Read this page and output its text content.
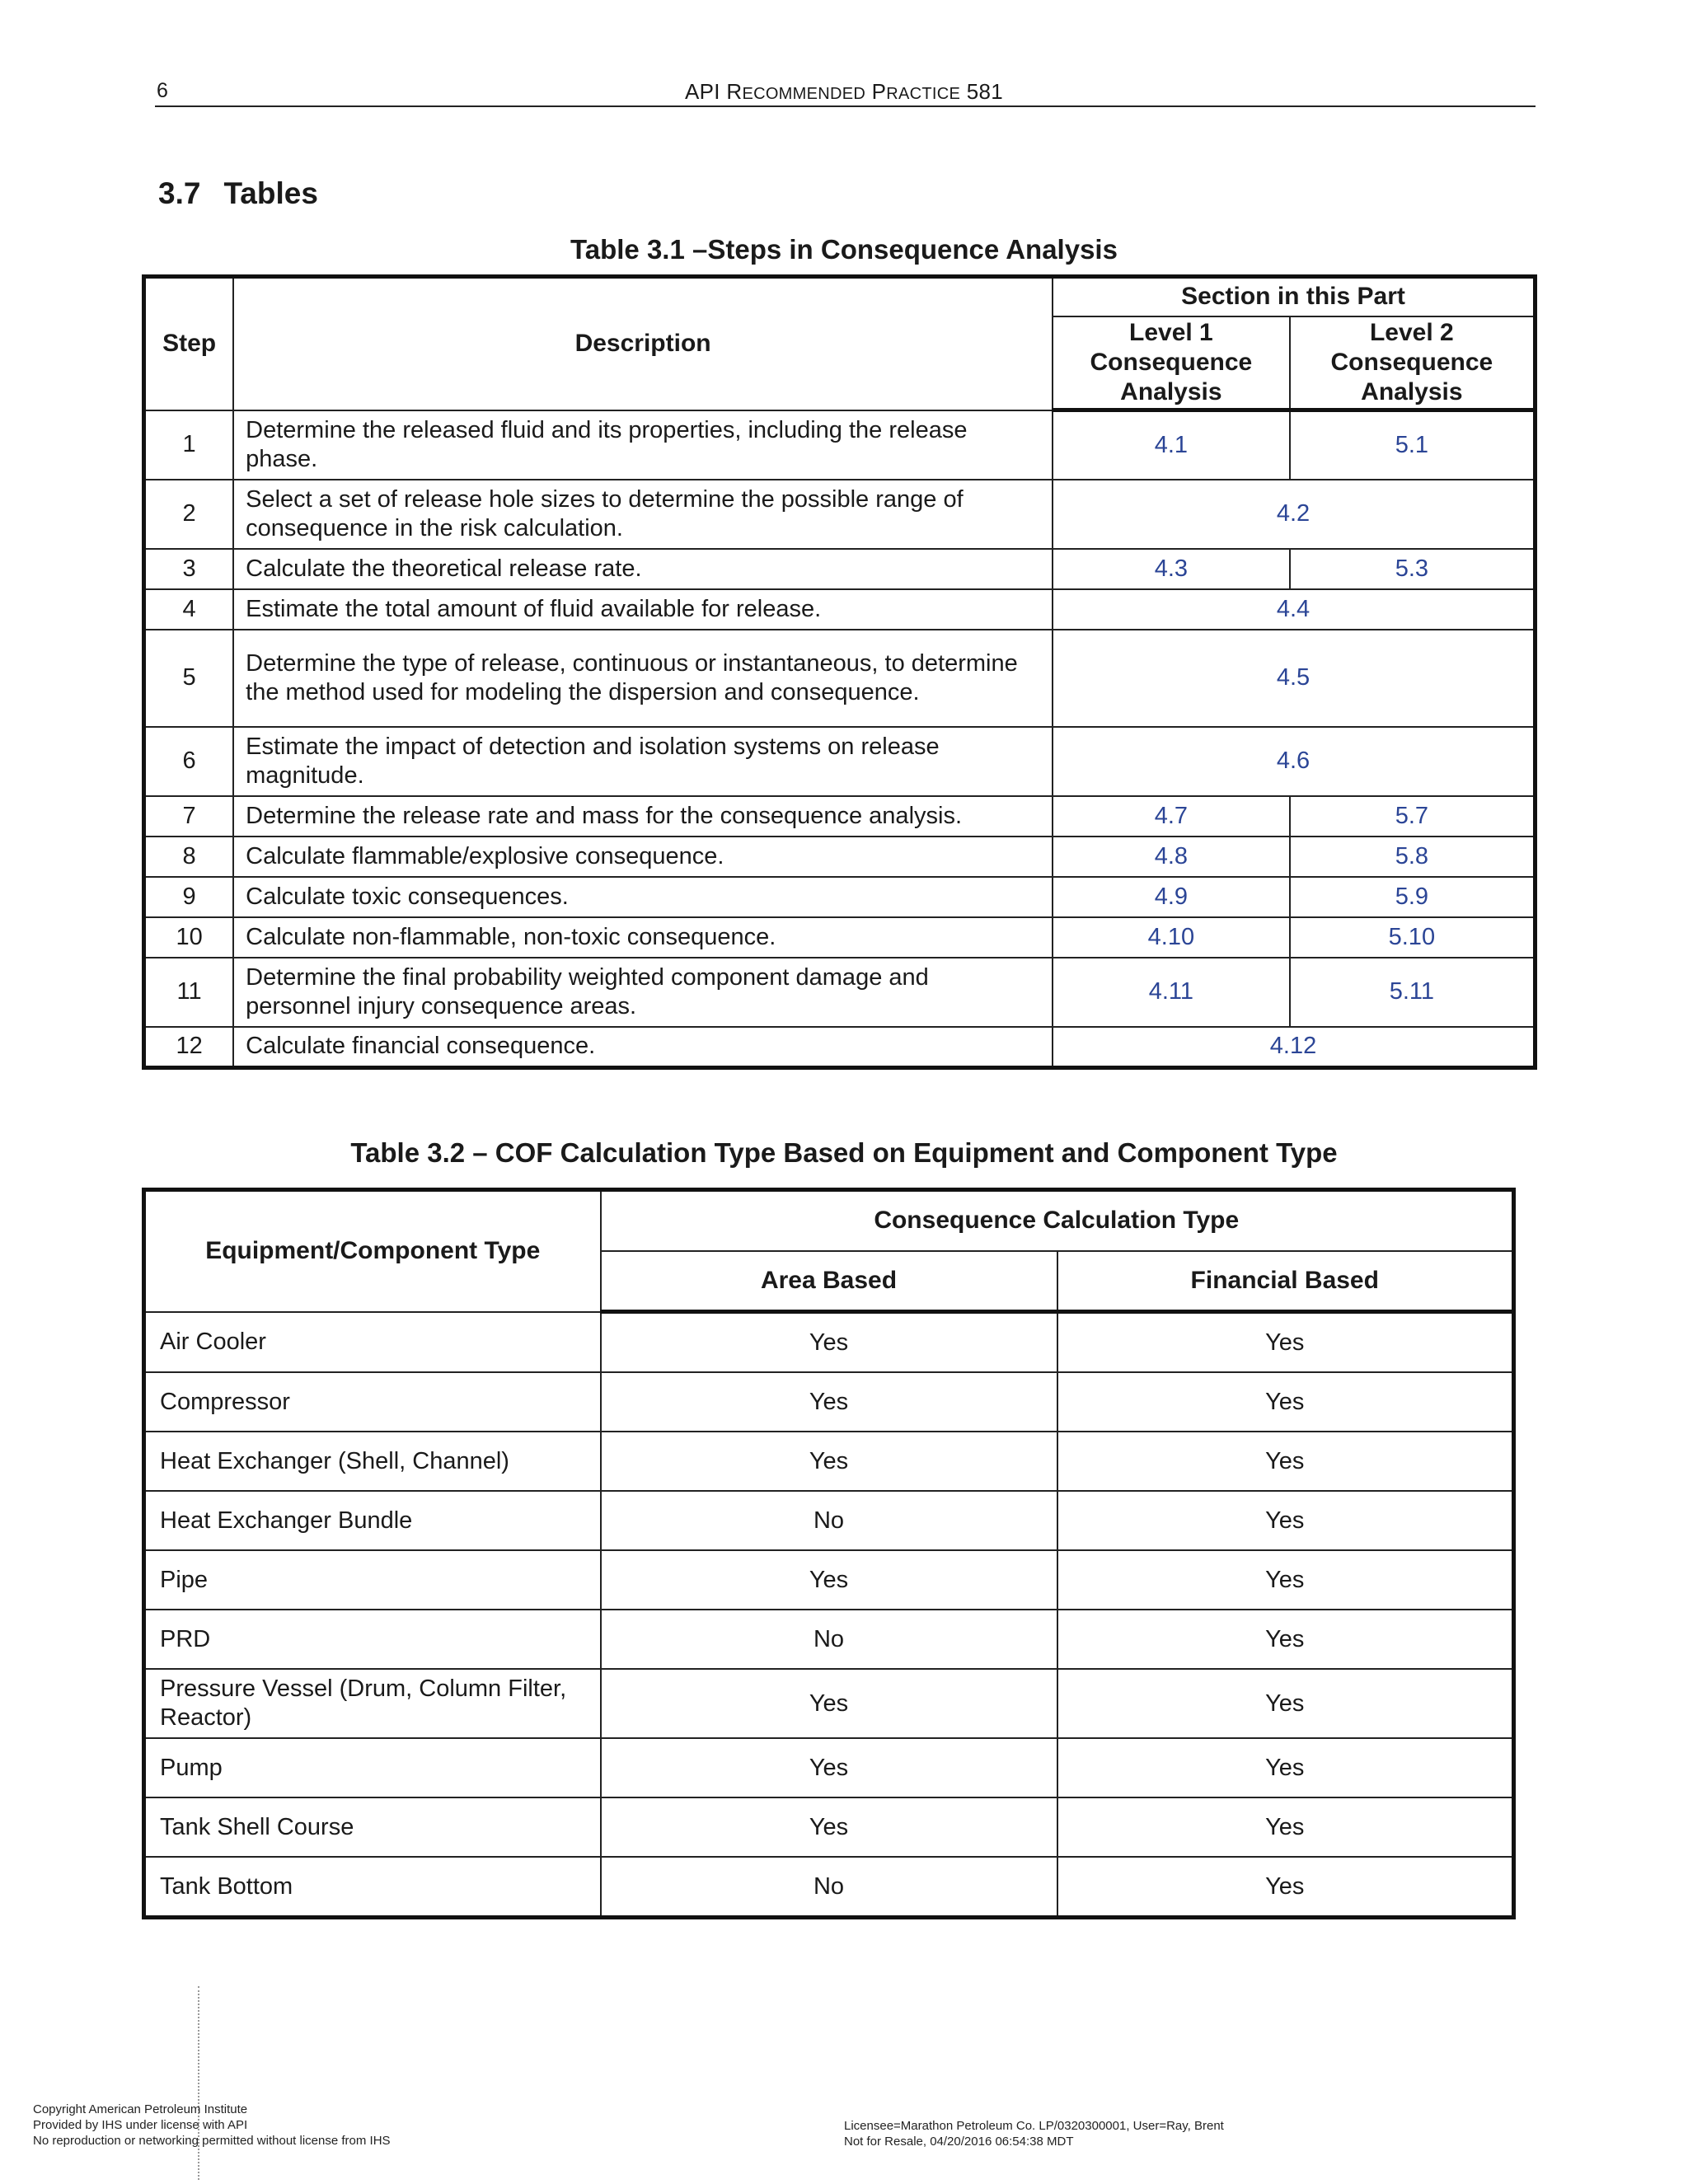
6	API RECOMMENDED PRACTICE 581
3.7 Tables
Table 3.1 –Steps in Consequence Analysis
Step	Description	Section in this Part	
		Level 1 Consequence Analysis	Level 2 Consequence Analysis
1	Determine the released fluid and its properties, including the release phase.	4.1	5.1
2	Select a set of release hole sizes to determine the possible range of consequence in the risk calculation.	4.2	
3	Calculate the theoretical release rate.	4.3	5.3
4	Estimate the total amount of fluid available for release.	4.4	
5	Determine the type of release, continuous or instantaneous, to determine the method used for modeling the dispersion and consequence.	4.5	
6	Estimate the impact of detection and isolation systems on release magnitude.	4.6	
7	Determine the release rate and mass for the consequence analysis.	4.7	5.7
8	Calculate flammable/explosive consequence.	4.8	5.8
9	Calculate toxic consequences.	4.9	5.9
10	Calculate non-flammable, non-toxic consequence.	4.10	5.10
11	Determine the final probability weighted component damage and personnel injury consequence areas.	4.11	5.11
12	Calculate financial consequence.	4.12	
Table 3.2 – COF Calculation Type Based on Equipment and Component Type
Equipment/Component Type	Consequence Calculation Type	
	Area Based	Financial Based
Air Cooler	Yes	Yes
Compressor	Yes	Yes
Heat Exchanger (Shell, Channel)	Yes	Yes
Heat Exchanger Bundle	No	Yes
Pipe	Yes	Yes
PRD	No	Yes
Pressure Vessel (Drum, Column Filter, Reactor)	Yes	Yes
Pump	Yes	Yes
Tank Shell Course	Yes	Yes
Tank Bottom	No	Yes
Copyright American Petroleum Institute
Provided by IHS under license with API
No reproduction or networking permitted without license from IHS
Licensee=Marathon Petroleum Co. LP/0320300001, User=Ray, Brent
Not for Resale, 04/20/2016 06:54:38 MDT
